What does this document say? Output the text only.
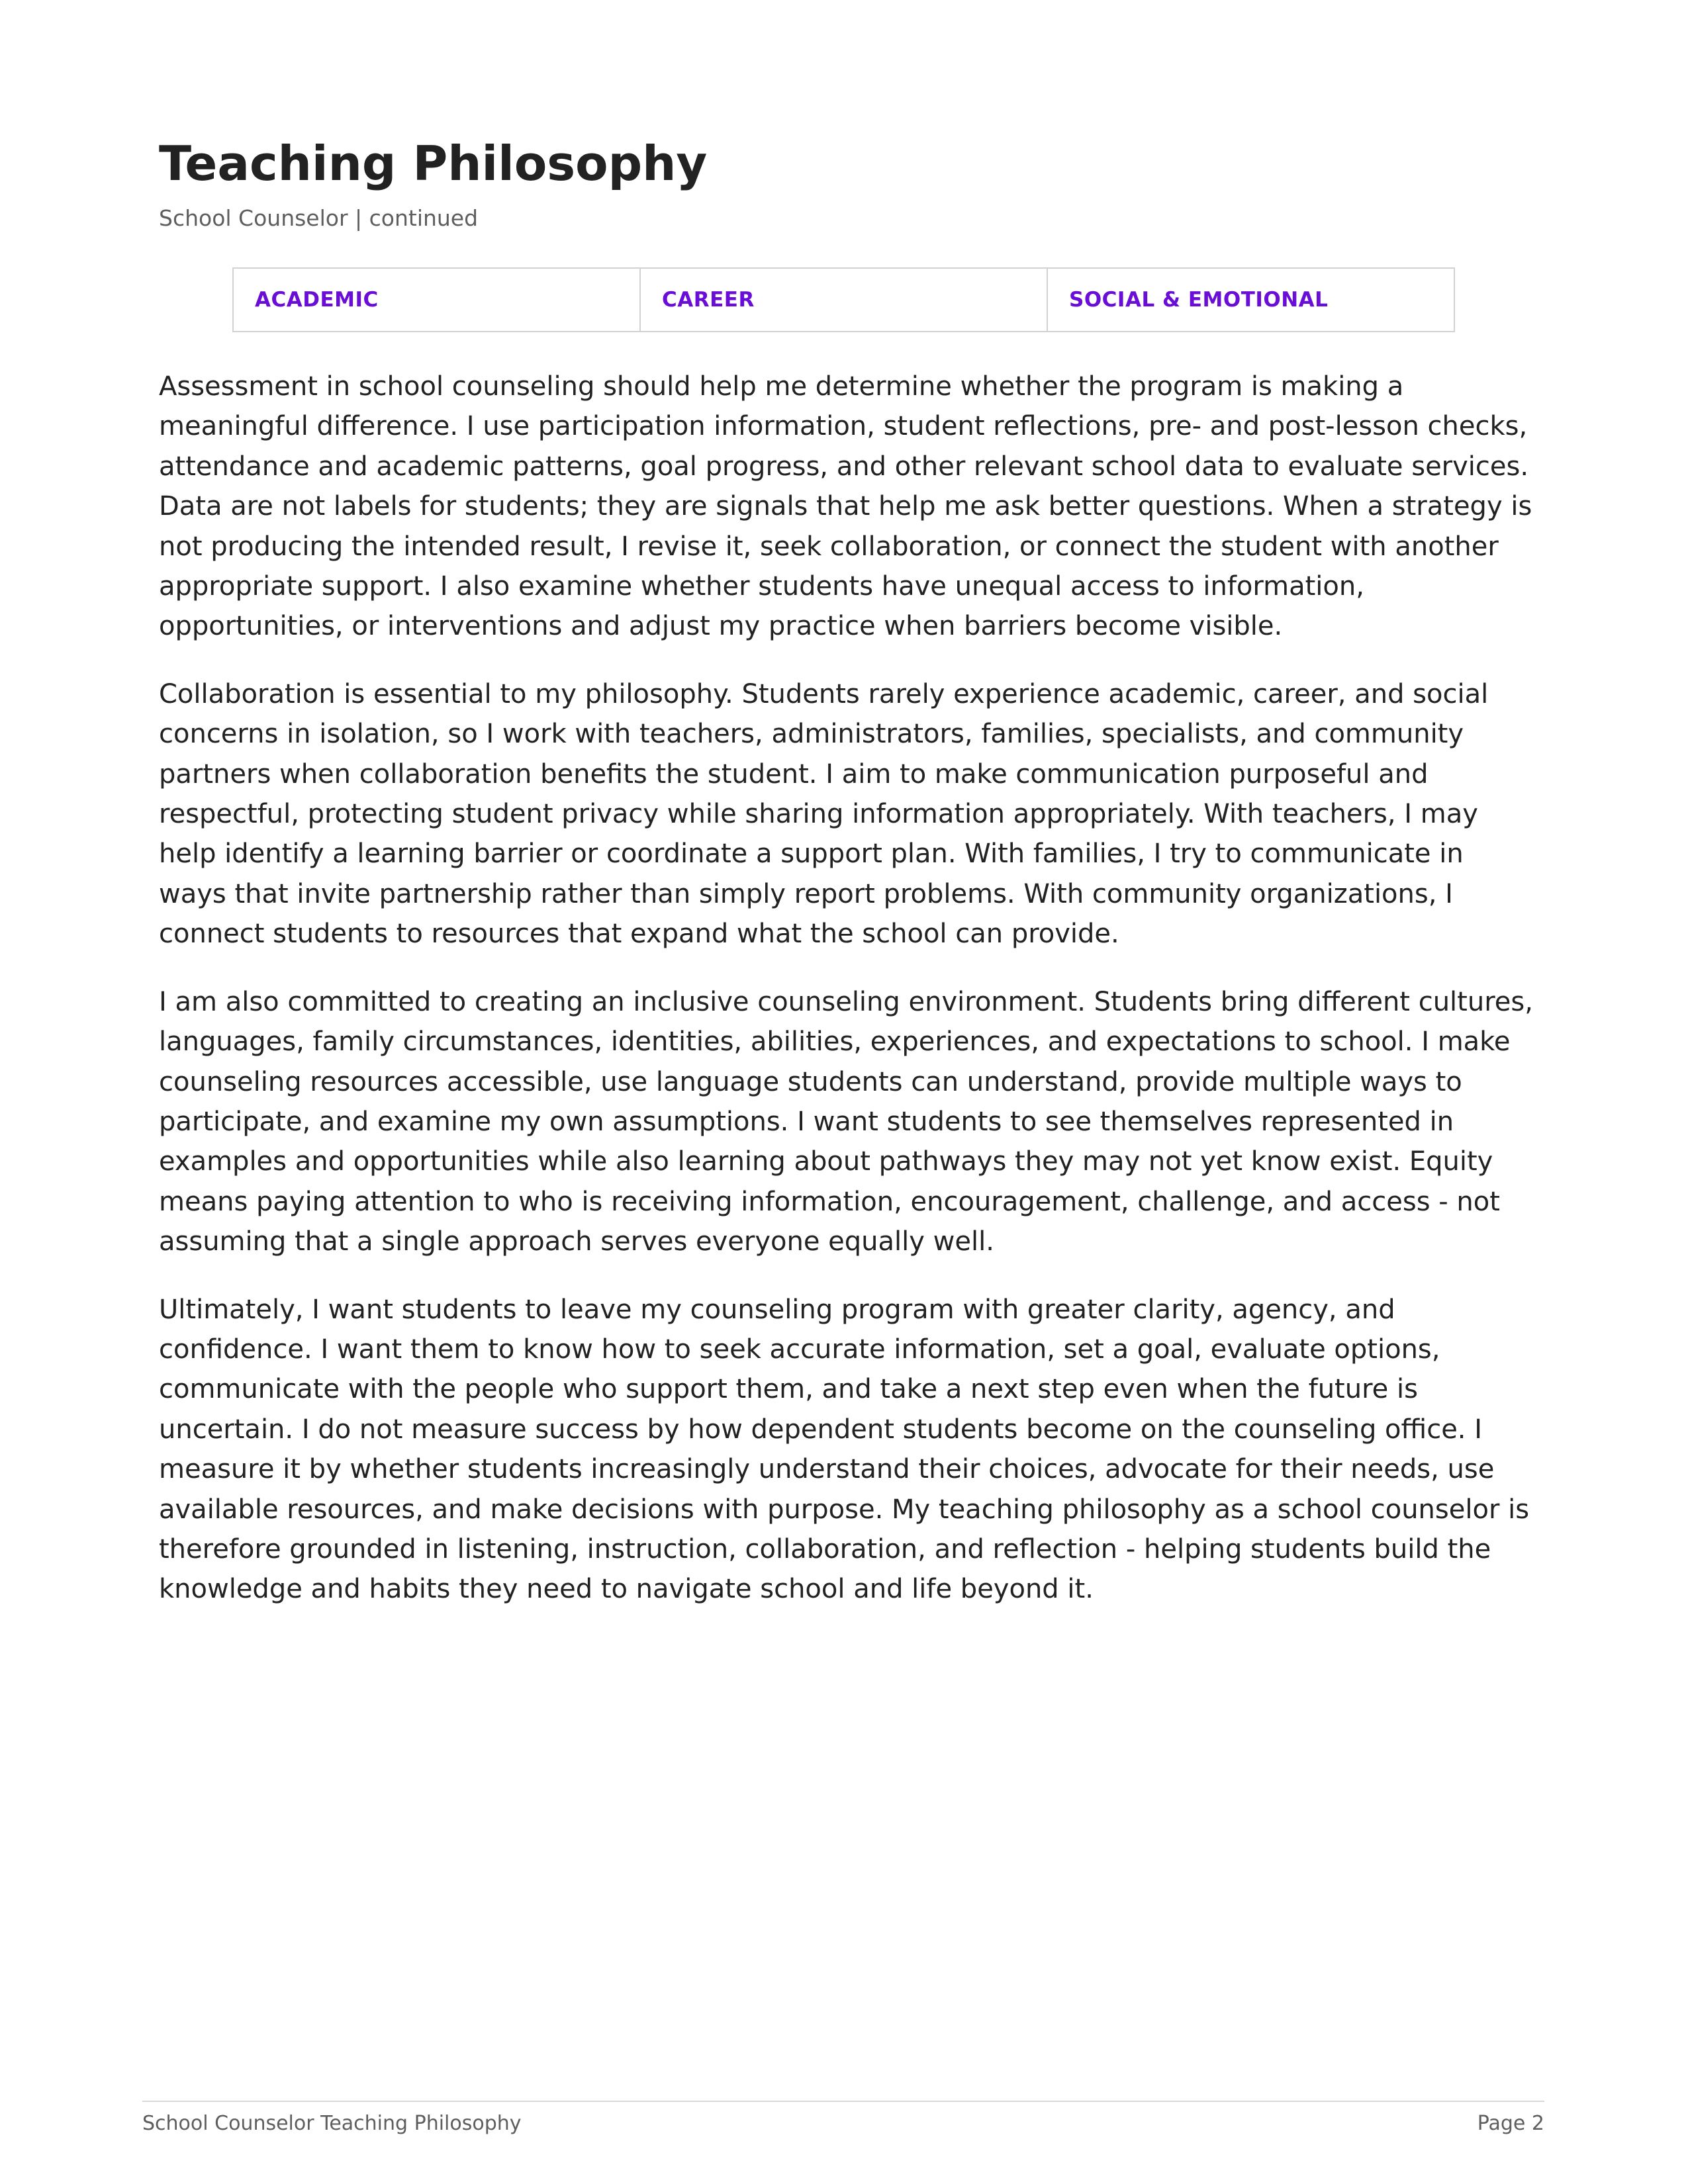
Teaching Philosophy
School Counselor | continued
ACADEMIC	CAREER	SOCIAL & EMOTIONAL

Assessment in school counseling should help me determine whether the program is making a meaningful difference. I use participation information, student reflections, pre- and post-lesson checks, attendance and academic patterns, goal progress, and other relevant school data to evaluate services. Data are not labels for students; they are signals that help me ask better questions. When a strategy is not producing the intended result, I revise it, seek collaboration, or connect the student with another appropriate support. I also examine whether students have unequal access to information, opportunities, or interventions and adjust my practice when barriers become visible.

Collaboration is essential to my philosophy. Students rarely experience academic, career, and social concerns in isolation, so I work with teachers, administrators, families, specialists, and community partners when collaboration benefits the student. I aim to make communication purposeful and respectful, protecting student privacy while sharing information appropriately. With teachers, I may help identify a learning barrier or coordinate a support plan. With families, I try to communicate in ways that invite partnership rather than simply report problems. With community organizations, I connect students to resources that expand what the school can provide.

I am also committed to creating an inclusive counseling environment. Students bring different cultures, languages, family circumstances, identities, abilities, experiences, and expectations to school. I make counseling resources accessible, use language students can understand, provide multiple ways to participate, and examine my own assumptions. I want students to see themselves represented in examples and opportunities while also learning about pathways they may not yet know exist. Equity means paying attention to who is receiving information, encouragement, challenge, and access - not assuming that a single approach serves everyone equally well.

Ultimately, I want students to leave my counseling program with greater clarity, agency, and confidence. I want them to know how to seek accurate information, set a goal, evaluate options, communicate with the people who support them, and take a next step even when the future is uncertain. I do not measure success by how dependent students become on the counseling office. I measure it by whether students increasingly understand their choices, advocate for their needs, use available resources, and make decisions with purpose. My teaching philosophy as a school counselor is therefore grounded in listening, instruction, collaboration, and reflection - helping students build the knowledge and habits they need to navigate school and life beyond it.

School Counselor Teaching Philosophy	Page 2
